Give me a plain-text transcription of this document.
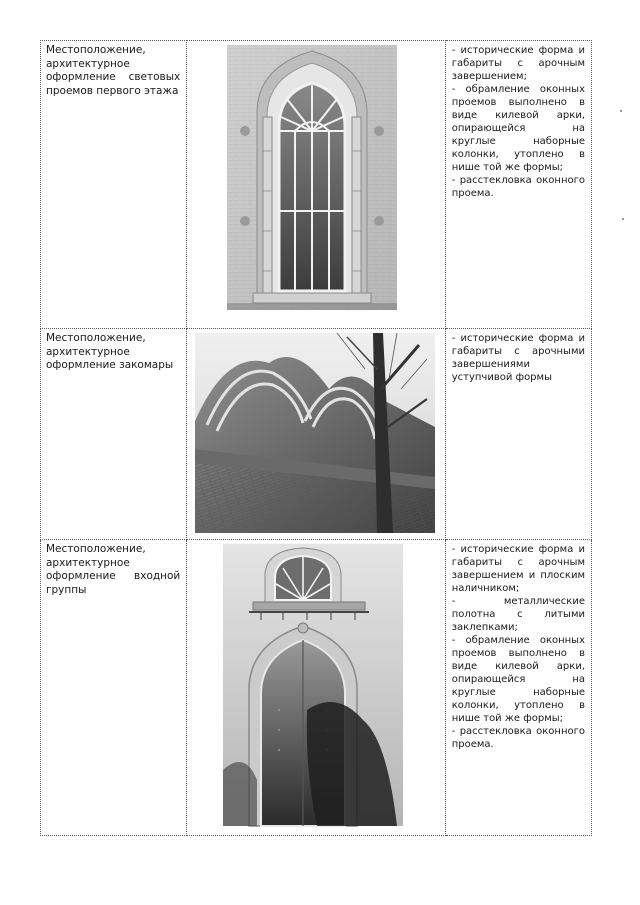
Местоположение, архитектурное оформление световых проемов первого этажа		- исторические форма и габариты с арочным завершением;

- обрамление оконных проемов выполнено в виде килевой арки, опирающейся на круглые наборные колонки, утоплено в нише той же формы;

- расстекловка оконного проема.

Местоположение, архитектурное оформление закомары		- исторические форма и габариты с арочными завершениями уступчивой формы

Местоположение, архитектурное оформление входной группы		- исторические форма и габариты с арочным завершением и плоским наличником;

- металлические полотна с литыми заклепками;

- обрамление оконных проемов выполнено в виде килевой арки, опирающейся на круглые наборные колонки, утоплено в нише той же формы;

- расстекловка оконного проема.
